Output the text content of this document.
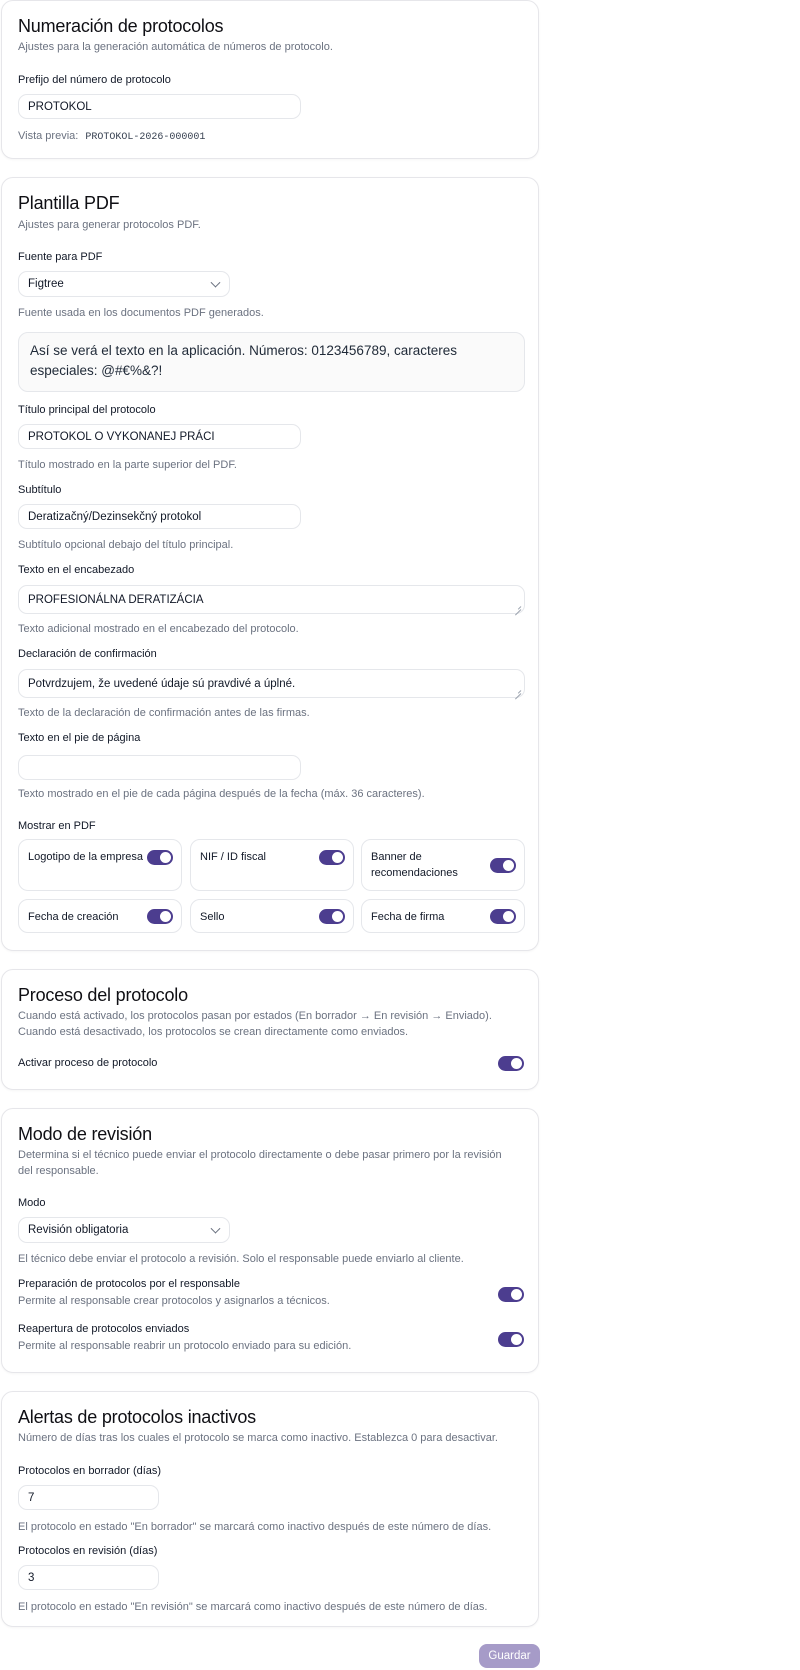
Numeración de protocolos
Ajustes para la generación automática de números de protocolo.
Prefijo del número de protocolo
PROTOKOL
Vista previa: PROTOKOL-2026-000001
Plantilla PDF
Ajustes para generar protocolos PDF.
Fuente para PDF
Figtree
Fuente usada en los documentos PDF generados.
Así se verá el texto en la aplicación. Números: 0123456789, caracteres especiales: @#€%&?!
Título principal del protocolo
PROTOKOL O VYKONANEJ PRÁCI
Título mostrado en la parte superior del PDF.
Subtítulo
Deratizačný/Dezinsekčný protokol
Subtítulo opcional debajo del título principal.
Texto en el encabezado
PROFESIONÁLNA DERATIZÁCIA
Texto adicional mostrado en el encabezado del protocolo.
Declaración de confirmación
Potvrdzujem, že uvedené údaje sú pravdivé a úplné.
Texto de la declaración de confirmación antes de las firmas.
Texto en el pie de página
Texto mostrado en el pie de cada página después de la fecha (máx. 36 caracteres).
Mostrar en PDF
Logotipo de la empresa	NIF / ID fiscal	Banner de recomendaciones
Fecha de creación	Sello	Fecha de firma
Proceso del protocolo
Cuando está activado, los protocolos pasan por estados (En borrador → En revisión → Enviado). Cuando está desactivado, los protocolos se crean directamente como enviados.
Activar proceso de protocolo
Modo de revisión
Determina si el técnico puede enviar el protocolo directamente o debe pasar primero por la revisión del responsable.
Modo
Revisión obligatoria
El técnico debe enviar el protocolo a revisión. Solo el responsable puede enviarlo al cliente.
Preparación de protocolos por el responsable
Permite al responsable crear protocolos y asignarlos a técnicos.
Reapertura de protocolos enviados
Permite al responsable reabrir un protocolo enviado para su edición.
Alertas de protocolos inactivos
Número de días tras los cuales el protocolo se marca como inactivo. Establezca 0 para desactivar.
Protocolos en borrador (días)
7
El protocolo en estado "En borrador" se marcará como inactivo después de este número de días.
Protocolos en revisión (días)
3
El protocolo en estado "En revisión" se marcará como inactivo después de este número de días.
Guardar
